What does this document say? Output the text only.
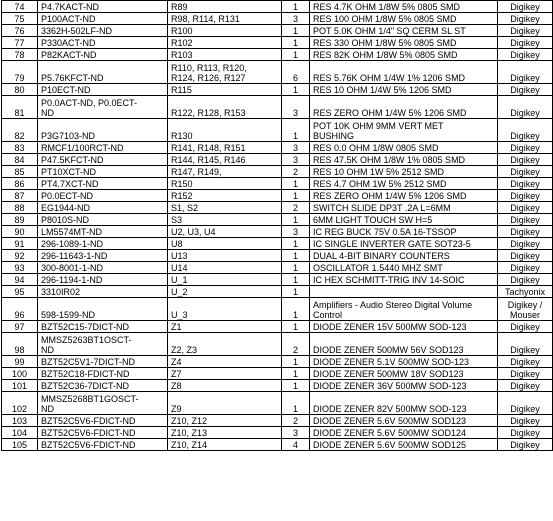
74	P4.7KACT-ND	R89	1	RES 4.7K OHM 1/8W 5% 0805 SMD	Digikey
75	P100ACT-ND	R98, R114, R131	3	RES 100 OHM 1/8W 5% 0805 SMD	Digikey
76	3362H-502LF-ND	R100	1	POT 5.0K OHM 1/4" SQ CERM SL ST	Digikey
77	P330ACT-ND	R102	1	RES 330 OHM 1/8W 5% 0805 SMD	Digikey
78	P82KACT-ND	R103	1	RES 82K OHM 1/8W 5% 0805 SMD	Digikey
79	P5.76KFCT-ND	R110, R113, R120,
R124, R126, R127	6	RES 5.76K OHM 1/4W 1% 1206 SMD	Digikey
80	P10ECT-ND	R115	1	RES 10 OHM 1/4W 5% 1206 SMD	Digikey
81	P0.0ACT-ND, P0.0ECT-
ND	R122, R128, R153	3	RES ZERO OHM 1/4W 5% 1206 SMD	Digikey
82	P3G7103-ND	R130	1	POT 10K OHM 9MM VERT MET
BUSHING	Digikey
83	RMCF1/100RCT-ND	R141, R148, R151	3	RES 0.0 OHM 1/8W 0805 SMD	Digikey
84	P47.5KFCT-ND	R144, R145, R146	3	RES 47.5K OHM 1/8W 1% 0805 SMD	Digikey
85	PT10XCT-ND	R147, R149,	2	RES 10 OHM 1W 5% 2512 SMD	Digikey
86	PT4.7XCT-ND	R150	1	RES 4.7 OHM 1W 5% 2512 SMD	Digikey
87	P0.0ECT-ND	R152	1	RES ZERO OHM 1/4W 5% 1206 SMD	Digikey
88	EG1944-ND	S1, S2	2	SWITCH SLIDE DP3T .2A L=6MM	Digikey
89	P8010S-ND	S3	1	6MM LIGHT TOUCH SW H=5	Digikey
90	LM5574MT-ND	U2, U3, U4	3	IC REG BUCK 75V 0.5A 16-TSSOP	Digikey
91	296-1089-1-ND	U8	1	IC SINGLE INVERTER GATE SOT23-5	Digikey
92	296-11643-1-ND	U13	1	DUAL 4-BIT BINARY COUNTERS	Digikey
93	300-8001-1-ND	U14	1	OSCILLATOR 1.5440 MHZ SMT	Digikey
94	296-1194-1-ND	U_1	1	IC HEX SCHMITT-TRIG INV 14-SOIC	Digikey
95	3310IR02	U_2	1		Tachyonix
96	598-1599-ND	U_3	1	Amplifiers - Audio Stereo Digital Volume
Control	Digikey /
Mouser
97	BZT52C15-7DICT-ND	Z1	1	DIODE ZENER 15V 500MW SOD-123	Digikey
98	MMSZ5263BT1OSCT-
ND	Z2, Z3	2	DIODE ZENER 500MW 56V SOD123	Digikey
99	BZT52C5V1-7DICT-ND	Z4	1	DIODE ZENER 5.1V 500MW SOD-123	Digikey
100	BZT52C18-FDICT-ND	Z7	1	DIODE ZENER 500MW 18V SOD123	Digikey
101	BZT52C36-7DICT-ND	Z8	1	DIODE ZENER 36V 500MW SOD-123	Digikey
102	MMSZ5268BT1GOSCT-
ND	Z9	1	DIODE ZENER 82V 500MW SOD-123	Digikey
103	BZT52C5V6-FDICT-ND	Z10, Z12	2	DIODE ZENER 5.6V 500MW SOD123	Digikey
104	BZT52C5V6-FDICT-ND	Z10, Z13	3	DIODE ZENER 5.6V 500MW SOD124	Digikey
105	BZT52C5V6-FDICT-ND	Z10, Z14	4	DIODE ZENER 5.6V 500MW SOD125	Digikey
